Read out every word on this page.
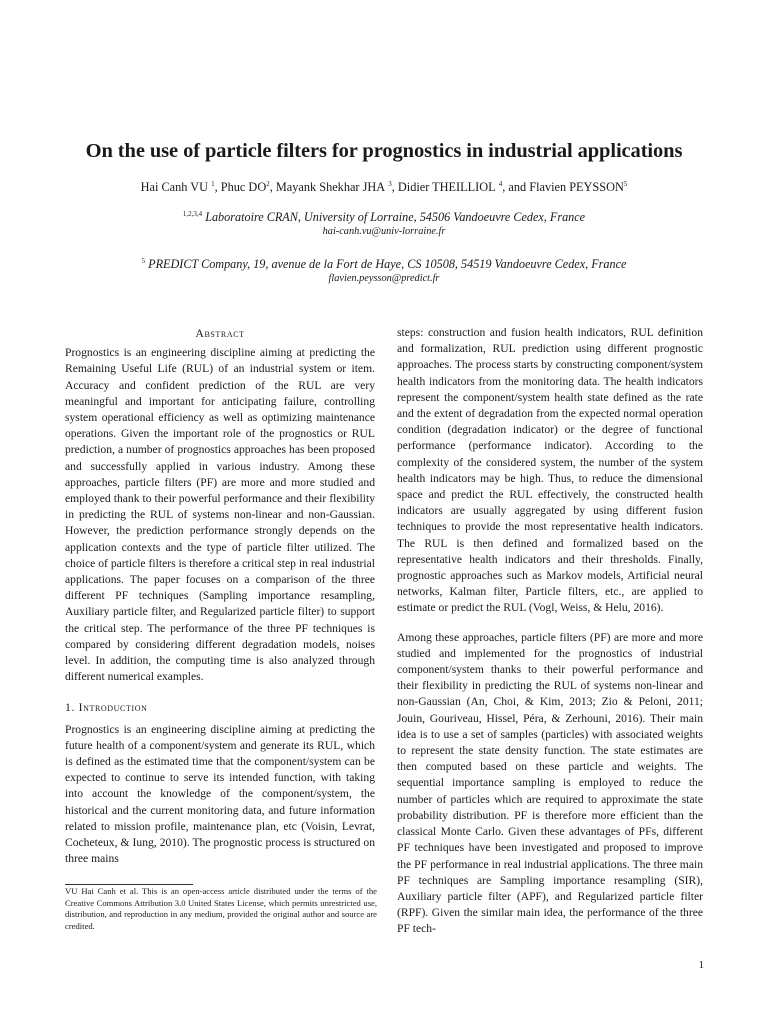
On the use of particle filters for prognostics in industrial applications
Hai Canh VU $^1$, Phuc $DO^2$, Mayank Shekhar JHA $^3$, Didier THEILLIOL $^4$, and Flavien PEYSSON$^5$
$^{1,2,3,4}$ Laboratoire CRAN, University of Lorraine, 54506 Vandoeuvre Cedex, France
hai-canh.vu@univ-lorraine.fr
$^5$ PREDICT Company, 19, avenue de la Fort de Haye, CS 10508, 54519 Vandoeuvre Cedex, France
flavien.peysson@predict.fr
Abstract

Prognostics is an engineering discipline aiming at predicting the Remaining Useful Life (RUL) of an industrial system or item. Accuracy and confident prediction of the RUL are very meaningful and important for anticipating failure, controlling system operational efficiency as well as optimizing maintenance operations. Given the important role of the prognostics or RUL prediction, a number of prognostics approaches has been proposed and successfully applied in various industry. Among these approaches, particle filters (PF) are more and more studied and employed thank to their powerful performance and their flexibility in predicting the RUL of systems non-linear and non-Gaussian. However, the prediction performance strongly depends on the application contexts and the type of particle filter utilized. The choice of particle filters is therefore a critical step in real industrial applications. The paper focuses on a comparison of the three different PF techniques (Sampling importance resampling, Auxiliary particle filter, and Regularized particle filter) to support the critical step. The performance of the three PF techniques is compared by considering different degradation models, noises level. In addition, the computing time is also analyzed through different numerical examples.

1. Introduction

Prognostics is an engineering discipline aiming at predicting the future health of a component/system and generate its RUL, which is defined as the estimated time that the component/system can be expected to continue to serve its intended function, with taking into account the knowledge of the component/system, the historical and the current monitoring data, and future information related to mission profile, maintenance plan, etc (Voisin, Levrat, Cocheteux, & Iung, 2010). The prognostic process is structured on three mains

steps: construction and fusion health indicators, RUL definition and formalization, RUL prediction using different prognostic approaches. The process starts by constructing component/system health indicators from the monitoring data. The health indicators represent the component/system health state defined as the rate and the extent of degradation from the expected normal operation condition (degradation indicator) or the degree of functional performance (performance indicator). According to the complexity of the considered system, the number of the system health indicators may be high. Thus, to reduce the dimensional space and predict the RUL effectively, the constructed health indicators are usually aggregated by using different fusion techniques to provide the most representative health indicators. The RUL is then defined and formalized based on the representative health indicators and their thresholds. Finally, prognostic approaches such as Markov models, Artificial neural networks, Kalman filter, Particle filters, etc., are applied to estimate or predict the RUL (Vogl, Weiss, & Helu, 2016).

Among these approaches, particle filters (PF) are more and more studied and implemented for the prognostics of industrial component/system thanks to their powerful performance and their flexibility in predicting the RUL of systems non-linear and non-Gaussian (An, Choi, & Kim, 2013; Zio & Peloni, 2011; Jouin, Gouriveau, Hissel, Péra, & Zerhouni, 2016). Their main idea is to use a set of samples (particles) with associated weights to represent the state density function. The state estimates are then computed based on these particle and weights. The sequential importance sampling is employed to reduce the number of particles which are required to approximate the state probability distribution. PF is therefore more efficient than the classical Monte Carlo. Given these advantages of PFs, different PF techniques have been investigated and proposed to improve the PF performance in real industrial applications. The three main PF techniques are Sampling importance resampling (SIR), Auxiliary particle filter (APF), and Regularized particle filter (RPF). Given the similar main idea, the performance of the three PF tech-

VU Hai Canh et al. This is an open-access article distributed under the terms of the Creative Commons Attribution 3.0 United States License, which permits unrestricted use, distribution, and reproduction in any medium, provided the original author and source are credited.
1
